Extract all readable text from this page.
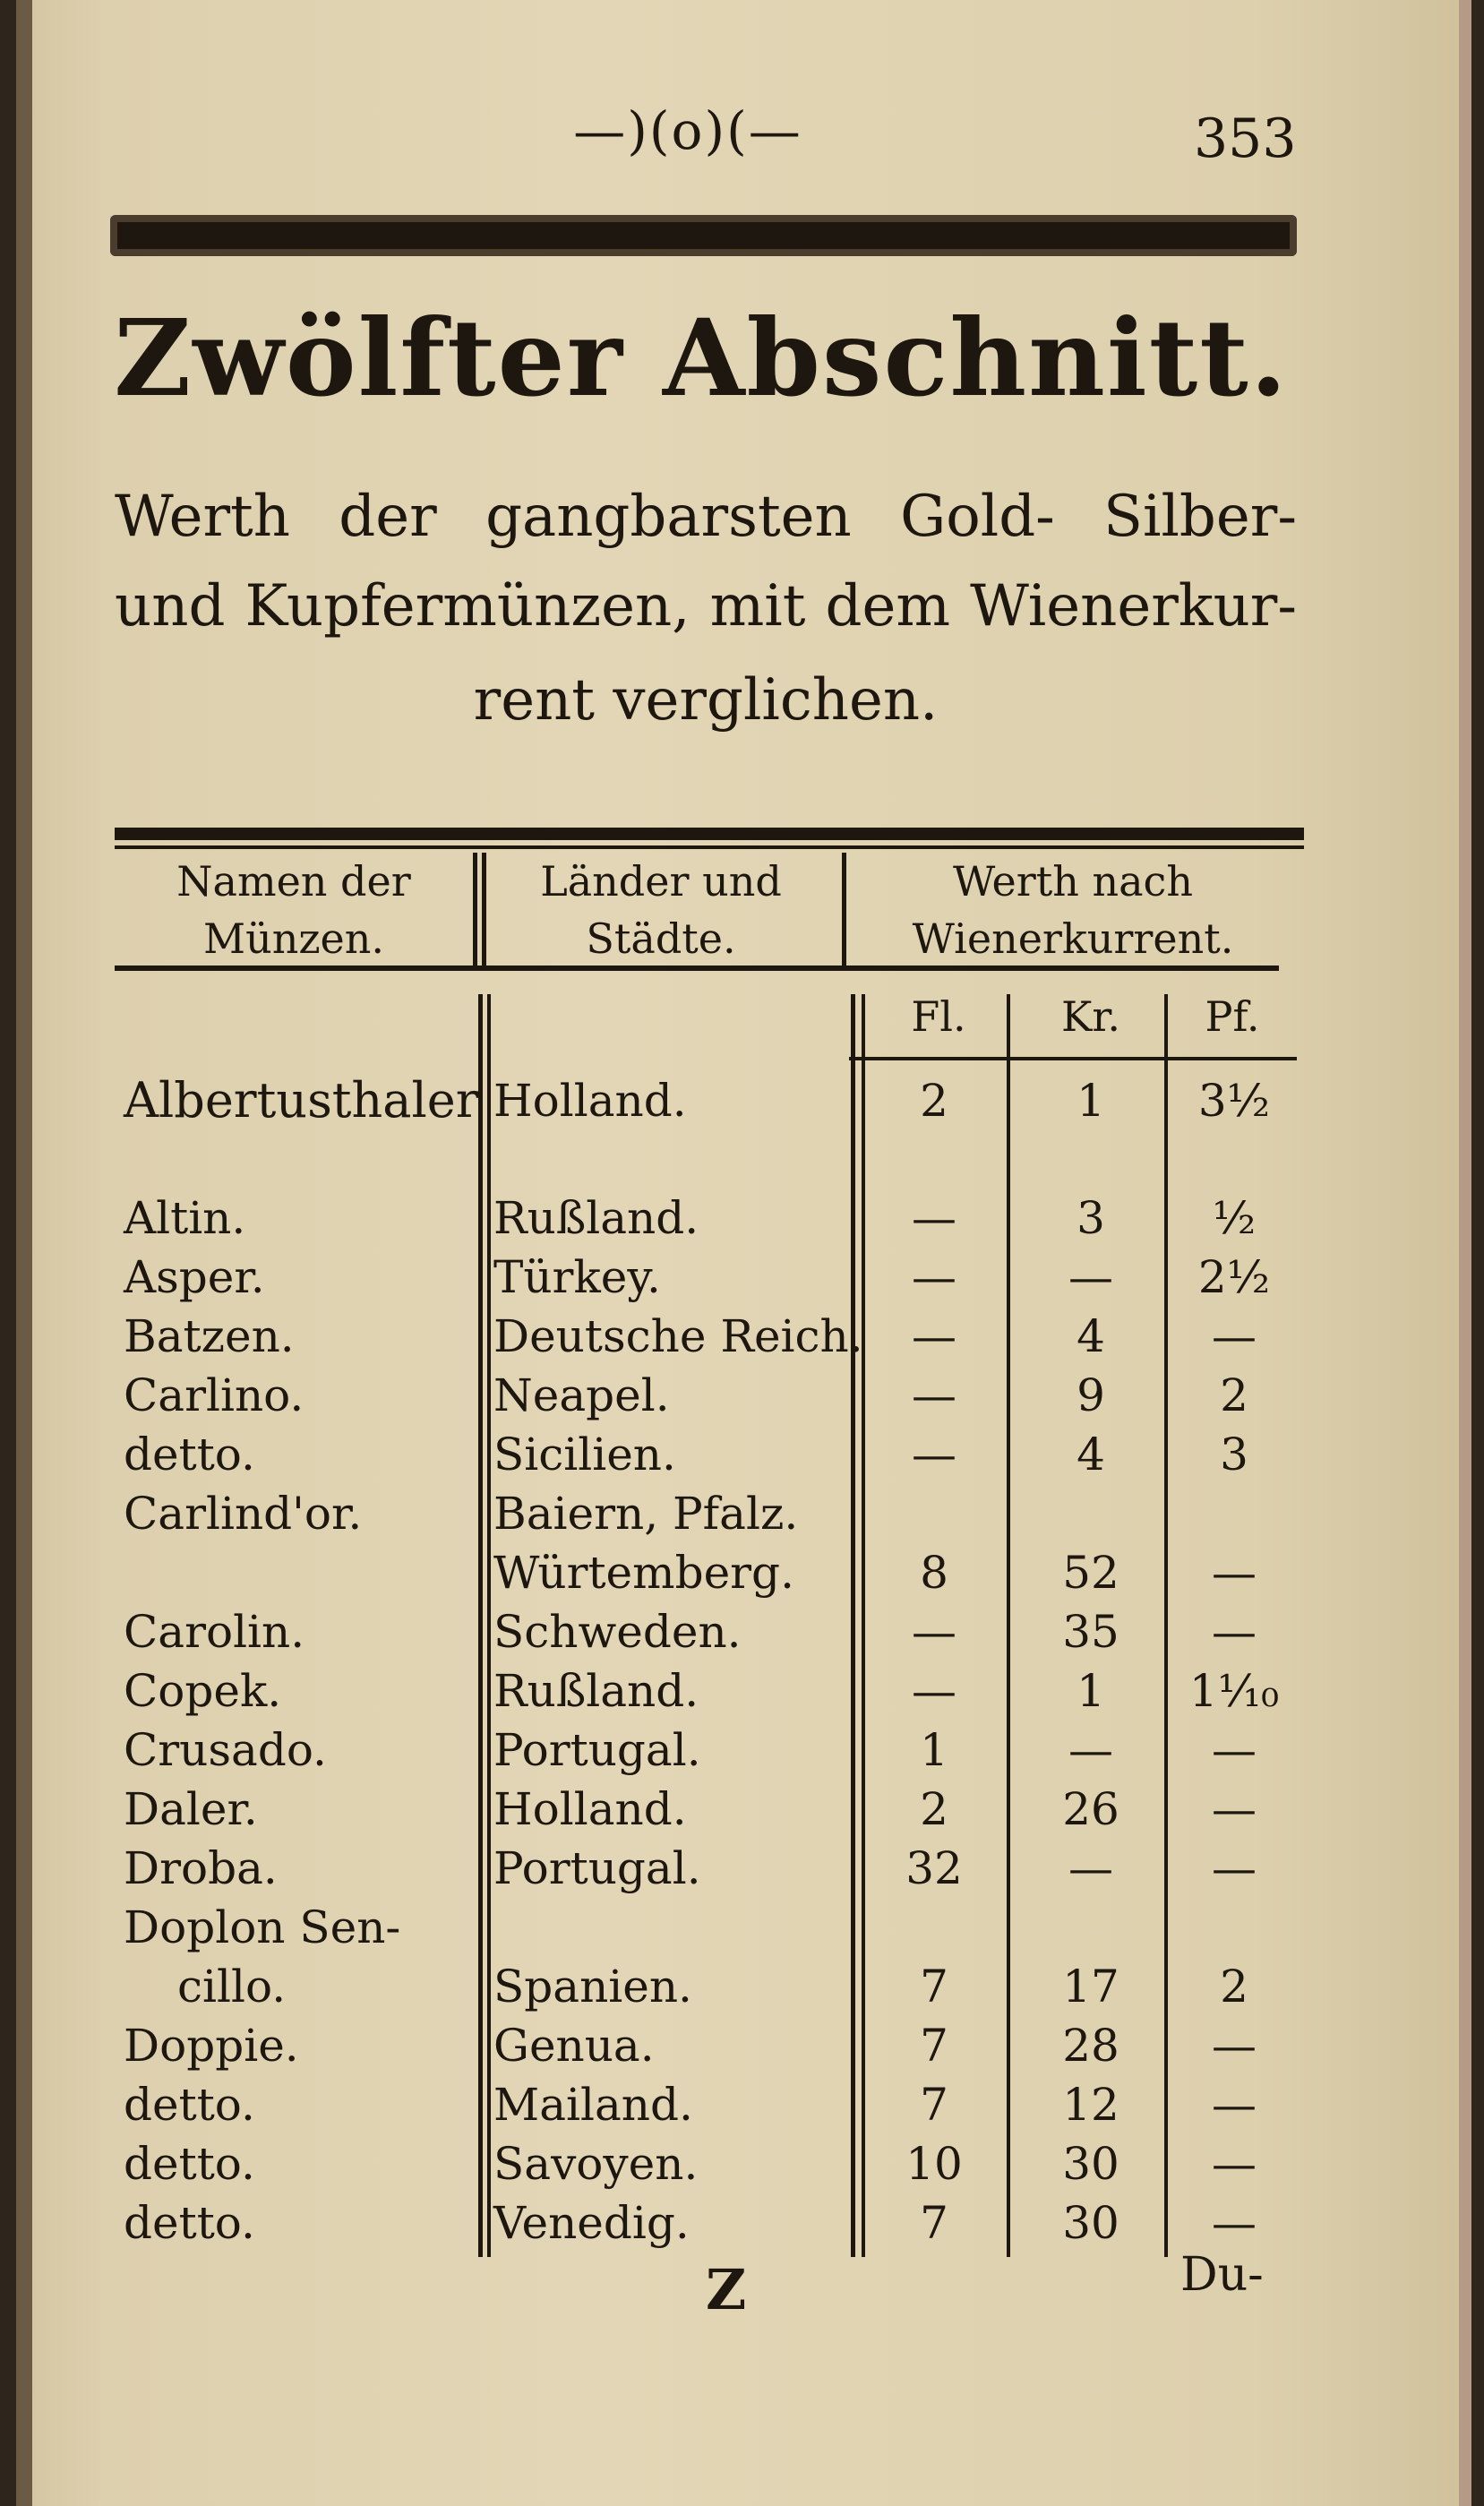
—)(o)(—	353
Zwölfter Abschnitt.
Werth der gangbarsten Gold- Silber-
und Kupfermünzen, mit dem Wienerkur-
rent verglichen.
Namen der Münzen.
Länder und Städte.
Werth nach Wienerkurrent.
Fl.	Kr.	Pf.
Albertusthaler Holland.	2	1	3½
Altin.	Rußland.	—	3	½
Asper.	Türkey.	—	—	2½
Batzen.	Deutsche Reich.	—	4	—
Carlino.	Neapel.	—	9	2
detto.	Sicilien.	—	4	3
Carlind'or.	Baiern, Pfalz.
Würtemberg.	8	52	—
Carolin.	Schweden.	—	35	—
Copek.	Rußland.	—	1	1⅒
Crusado.	Portugal.	1	—	—
Daler.	Holland.	2	26	—
Droba.	Portugal.	32	—	—
Doplon Sen-
cillo.	Spanien.	7	17	2
Doppie.	Genua.	7	28	—
detto.	Mailand.	7	12	—
detto.	Savoyen.	10	30	—
detto.	Venedig.	7	30	—
Z	Du-
